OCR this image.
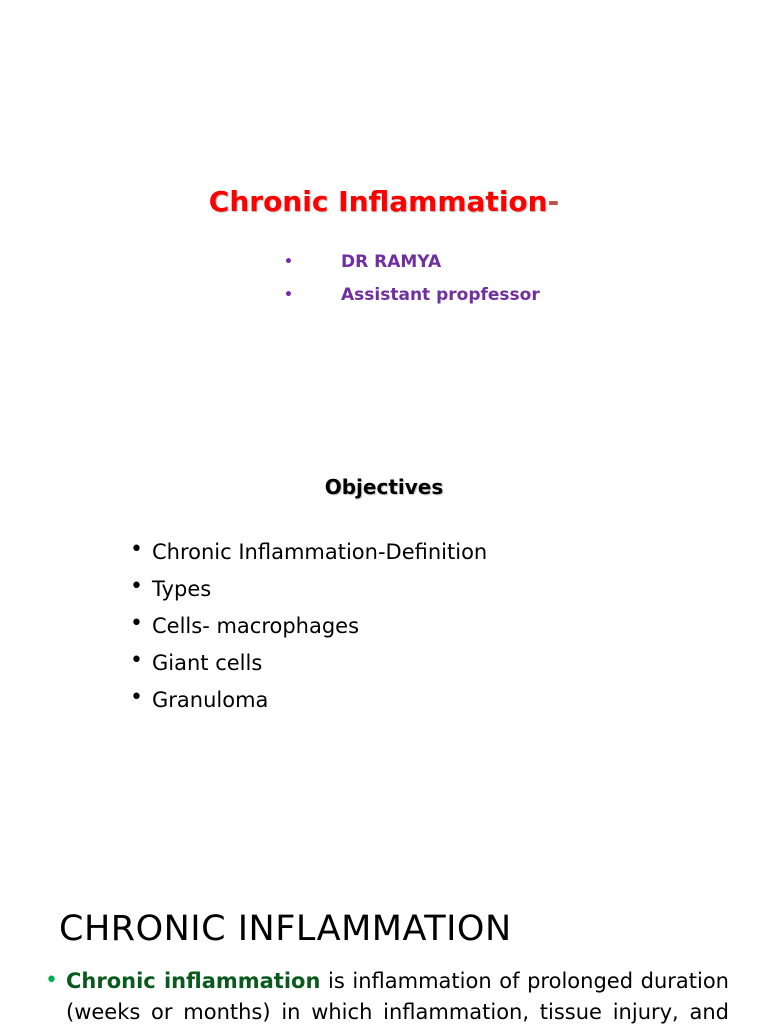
Chronic Inflammation-
•	DR RAMYA
•	Assistant propfessor
Objectives
• Chronic Inflammation-Definition
• Types
• Cells- macrophages
• Giant cells
• Granuloma
CHRONIC INFLAMMATION
• Chronic inflammation is inflammation of prolonged duration
(weeks or months) in which inflammation, tissue injury, and
